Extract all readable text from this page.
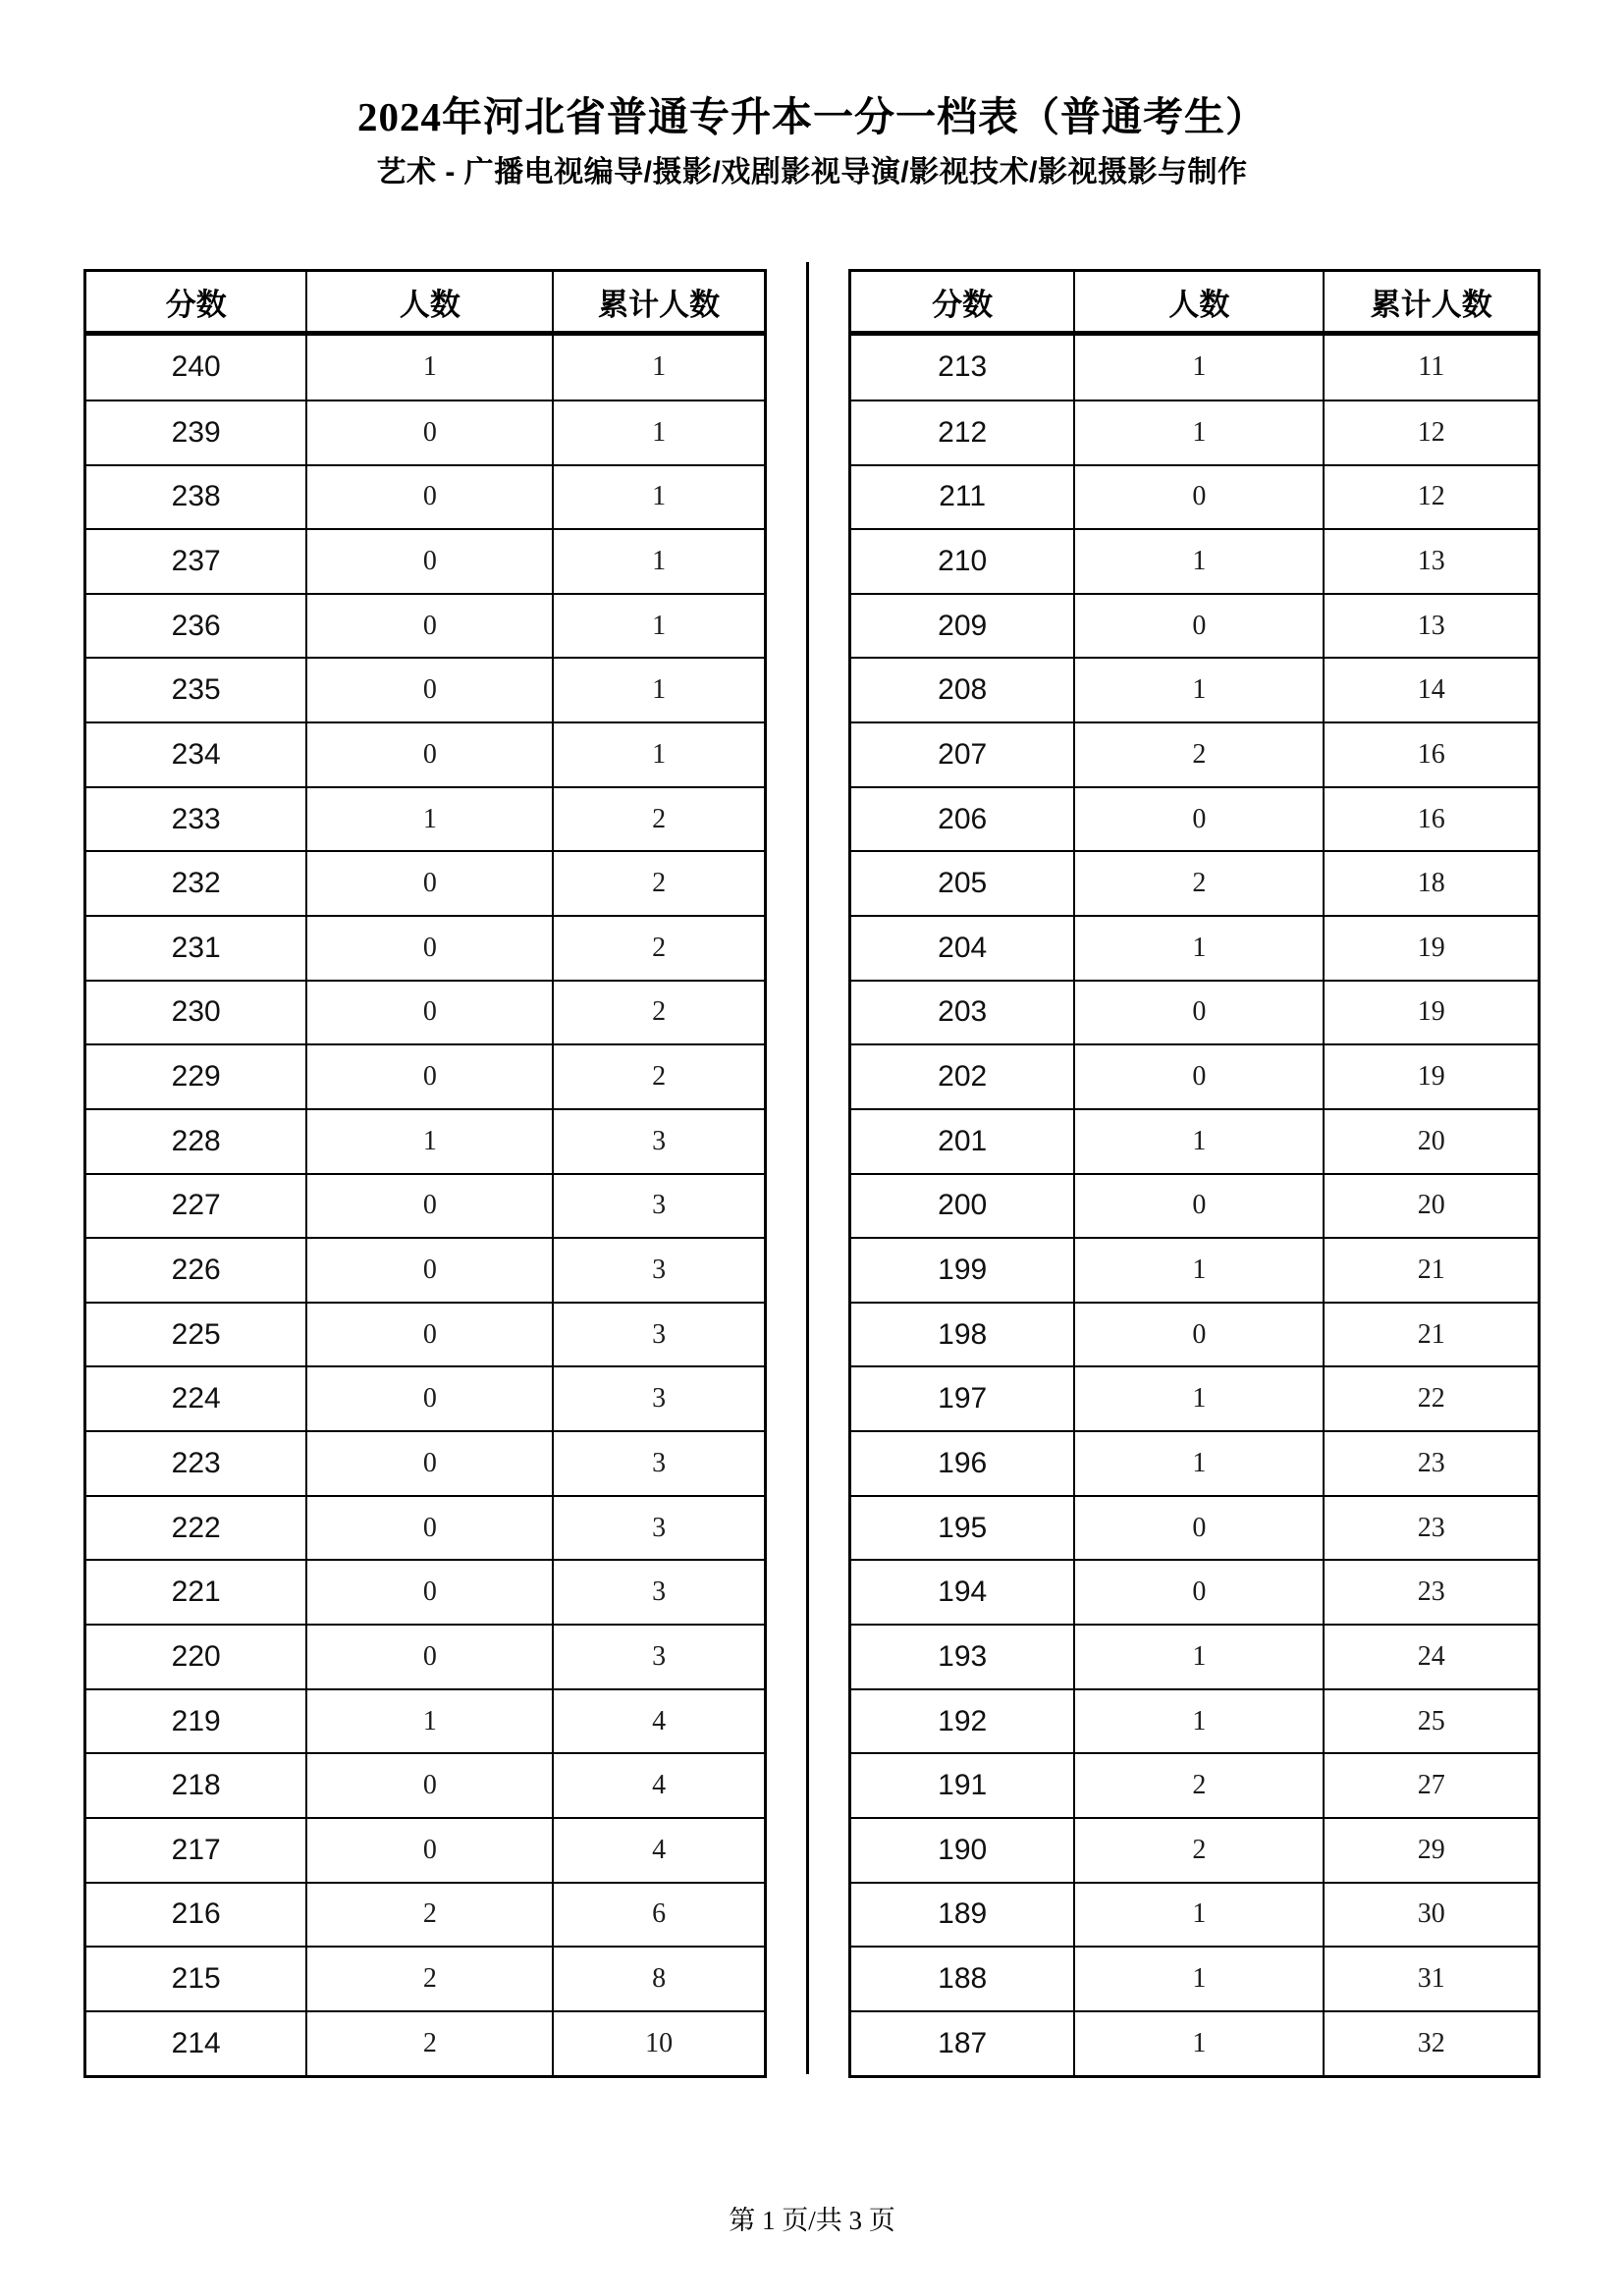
2024年河北省普通专升本一分一档表（普通考生）
艺术 - 广播电视编导/摄影/戏剧影视导演/影视技术/影视摄影与制作
分数	人数	累计人数
240	1	1
239	0	1
238	0	1
237	0	1
236	0	1
235	0	1
234	0	1
233	1	2
232	0	2
231	0	2
230	0	2
229	0	2
228	1	3
227	0	3
226	0	3
225	0	3
224	0	3
223	0	3
222	0	3
221	0	3
220	0	3
219	1	4
218	0	4
217	0	4
216	2	6
215	2	8
214	2	10
分数	人数	累计人数
213	1	11
212	1	12
211	0	12
210	1	13
209	0	13
208	1	14
207	2	16
206	0	16
205	2	18
204	1	19
203	0	19
202	0	19
201	1	20
200	0	20
199	1	21
198	0	21
197	1	22
196	1	23
195	0	23
194	0	23
193	1	24
192	1	25
191	2	27
190	2	29
189	1	30
188	1	31
187	1	32
第 1 页/共 3 页
